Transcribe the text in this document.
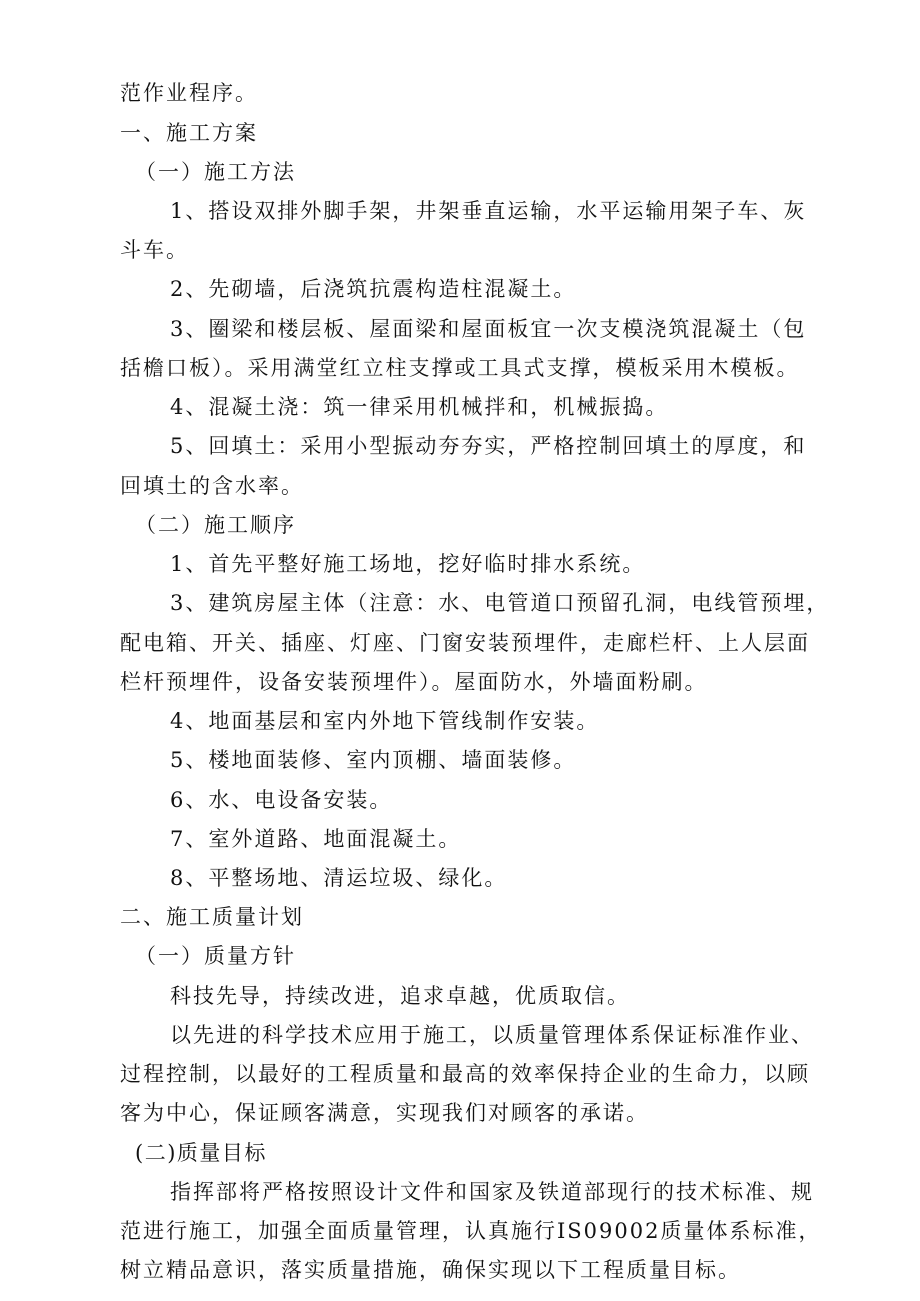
范作业程序。
一、施工方案
（一）施工方法
1、搭设双排外脚手架，井架垂直运输，水平运输用架子车、灰
斗车。
2、先砌墙，后浇筑抗震构造柱混凝土。
3、圈梁和楼层板、屋面梁和屋面板宜一次支模浇筑混凝土（包
括檐口板）。采用满堂红立柱支撑或工具式支撑，模板采用木模板。
4、混凝土浇：筑一律采用机械拌和，机械振捣。
5、回填土：采用小型振动夯夯实，严格控制回填土的厚度，和
回填土的含水率。
（二）施工顺序
1、首先平整好施工场地，挖好临时排水系统。
3、建筑房屋主体（注意：水、电管道口预留孔洞，电线管预埋，
配电箱、开关、插座、灯座、门窗安装预埋件，走廊栏杆、上人层面
栏杆预埋件，设备安装预埋件）。屋面防水，外墙面粉刷。
4、地面基层和室内外地下管线制作安装。
5、楼地面装修、室内顶棚、墙面装修。
6、水、电设备安装。
7、室外道路、地面混凝土。
8、平整场地、清运垃圾、绿化。
二、施工质量计划
（一）质量方针
科技先导，持续改进，追求卓越，优质取信。
以先进的科学技术应用于施工，以质量管理体系保证标准作业、
过程控制，以最好的工程质量和最高的效率保持企业的生命力，以顾
客为中心，保证顾客满意，实现我们对顾客的承诺。
(二)质量目标
指挥部将严格按照设计文件和国家及铁道部现行的技术标准、规
范进行施工，加强全面质量管理，认真施行IS09002质量体系标准，
树立精品意识，落实质量措施，确保实现以下工程质量目标。
